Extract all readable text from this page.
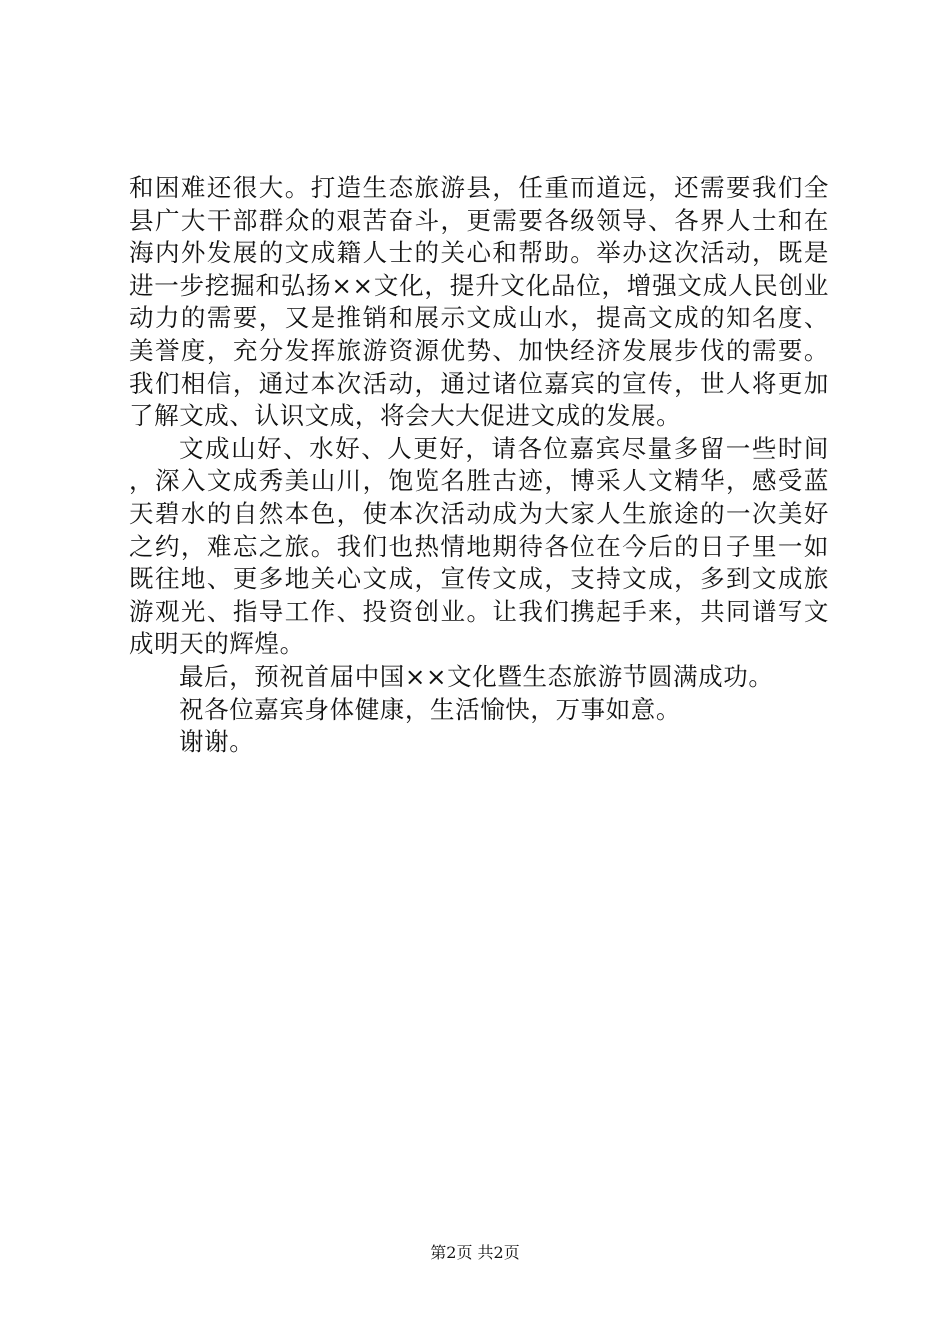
和困难还很大。打造生态旅游县，任重而道远，还需要我们全县广大干部群众的艰苦奋斗，更需要各级领导、各界人士和在海内外发展的文成籍人士的关心和帮助。举办这次活动，既是进一步挖掘和弘扬××文化，提升文化品位，增强文成人民创业动力的需要，又是推销和展示文成山水，提高文成的知名度、美誉度，充分发挥旅游资源优势、加快经济发展步伐的需要。我们相信，通过本次活动，通过诸位嘉宾的宣传，世人将更加了解文成、认识文成，将会大大促进文成的发展。

文成山好、水好、人更好，请各位嘉宾尽量多留一些时间，深入文成秀美山川，饱览名胜古迹，博采人文精华，感受蓝天碧水的自然本色，使本次活动成为大家人生旅途的一次美好之约，难忘之旅。我们也热情地期待各位在今后的日子里一如既往地、更多地关心文成，宣传文成，支持文成，多到文成旅游观光、指导工作、投资创业。让我们携起手来，共同谱写文成明天的辉煌。

最后，预祝首届中国××文化暨生态旅游节圆满成功。

祝各位嘉宾身体健康，生活愉快，万事如意。

谢谢。

第2页 共2页
